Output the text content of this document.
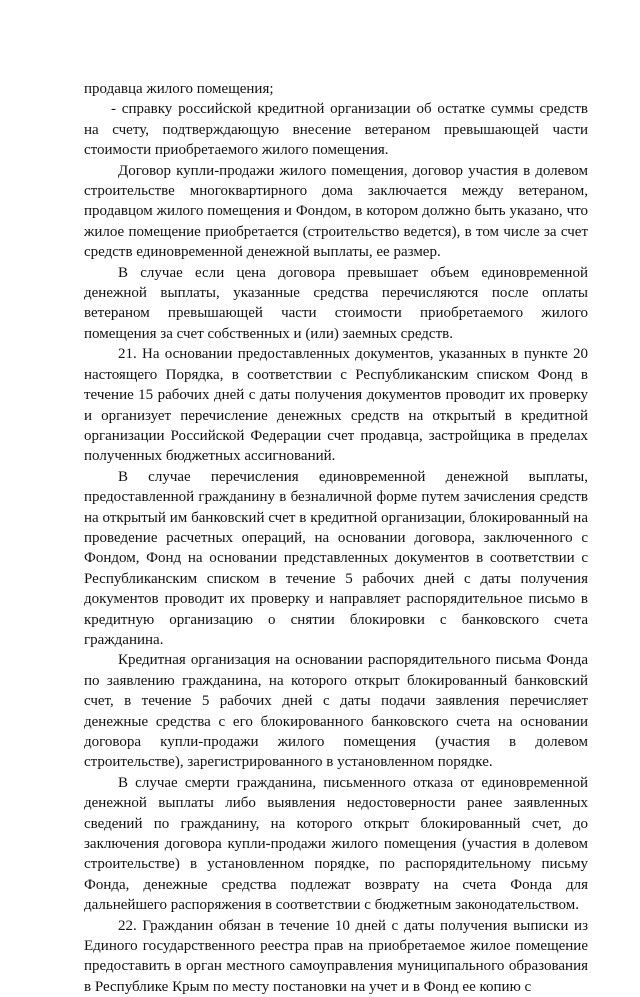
продавца жилого помещения;

- справку российской кредитной организации об остатке суммы средств на счету, подтверждающую внесение ветераном превышающей части стоимости приобретаемого жилого помещения.

Договор купли-продажи жилого помещения, договор участия в долевом строительстве многоквартирного дома заключается между ветераном, продавцом жилого помещения и Фондом, в котором должно быть указано, что жилое помещение приобретается (строительство ведется), в том числе за счет средств единовременной денежной выплаты, ее размер.

В случае если цена договора превышает объем единовременной денежной выплаты, указанные средства перечисляются после оплаты ветераном превышающей части стоимости приобретаемого жилого помещения за счет собственных и (или) заемных средств.

21. На основании предоставленных документов, указанных в пункте 20 настоящего Порядка, в соответствии с Республиканским списком Фонд в течение 15 рабочих дней с даты получения документов проводит их проверку и организует перечисление денежных средств на открытый в кредитной организации Российской Федерации счет продавца, застройщика в пределах полученных бюджетных ассигнований.

В случае перечисления единовременной денежной выплаты, предоставленной гражданину в безналичной форме путем зачисления средств на открытый им банковский счет в кредитной организации, блокированный на проведение расчетных операций, на основании договора, заключенного с Фондом, Фонд на основании представленных документов в соответствии с Республиканским списком в течение 5 рабочих дней с даты получения документов проводит их проверку и направляет распорядительное письмо в кредитную организацию о снятии блокировки с банковского счета гражданина.

Кредитная организация на основании распорядительного письма Фонда по заявлению гражданина, на которого открыт блокированный банковский счет, в течение 5 рабочих дней с даты подачи заявления перечисляет денежные средства с его блокированного банковского счета на основании договора купли-продажи жилого помещения (участия в долевом строительстве), зарегистрированного в установленном порядке.

В случае смерти гражданина, письменного отказа от единовременной денежной выплаты либо выявления недостоверности ранее заявленных сведений по гражданину, на которого открыт блокированный счет, до заключения договора купли-продажи жилого помещения (участия в долевом строительстве) в установленном порядке, по распорядительному письму Фонда, денежные средства подлежат возврату на счета Фонда для дальнейшего распоряжения в соответствии с бюджетным законодательством.

22. Гражданин обязан в течение 10 дней с даты получения выписки из Единого государственного реестра прав на приобретаемое жилое помещение предоставить в орган местного самоуправления муниципального образования в Республике Крым по месту постановки на учет и в Фонд ее копию с
